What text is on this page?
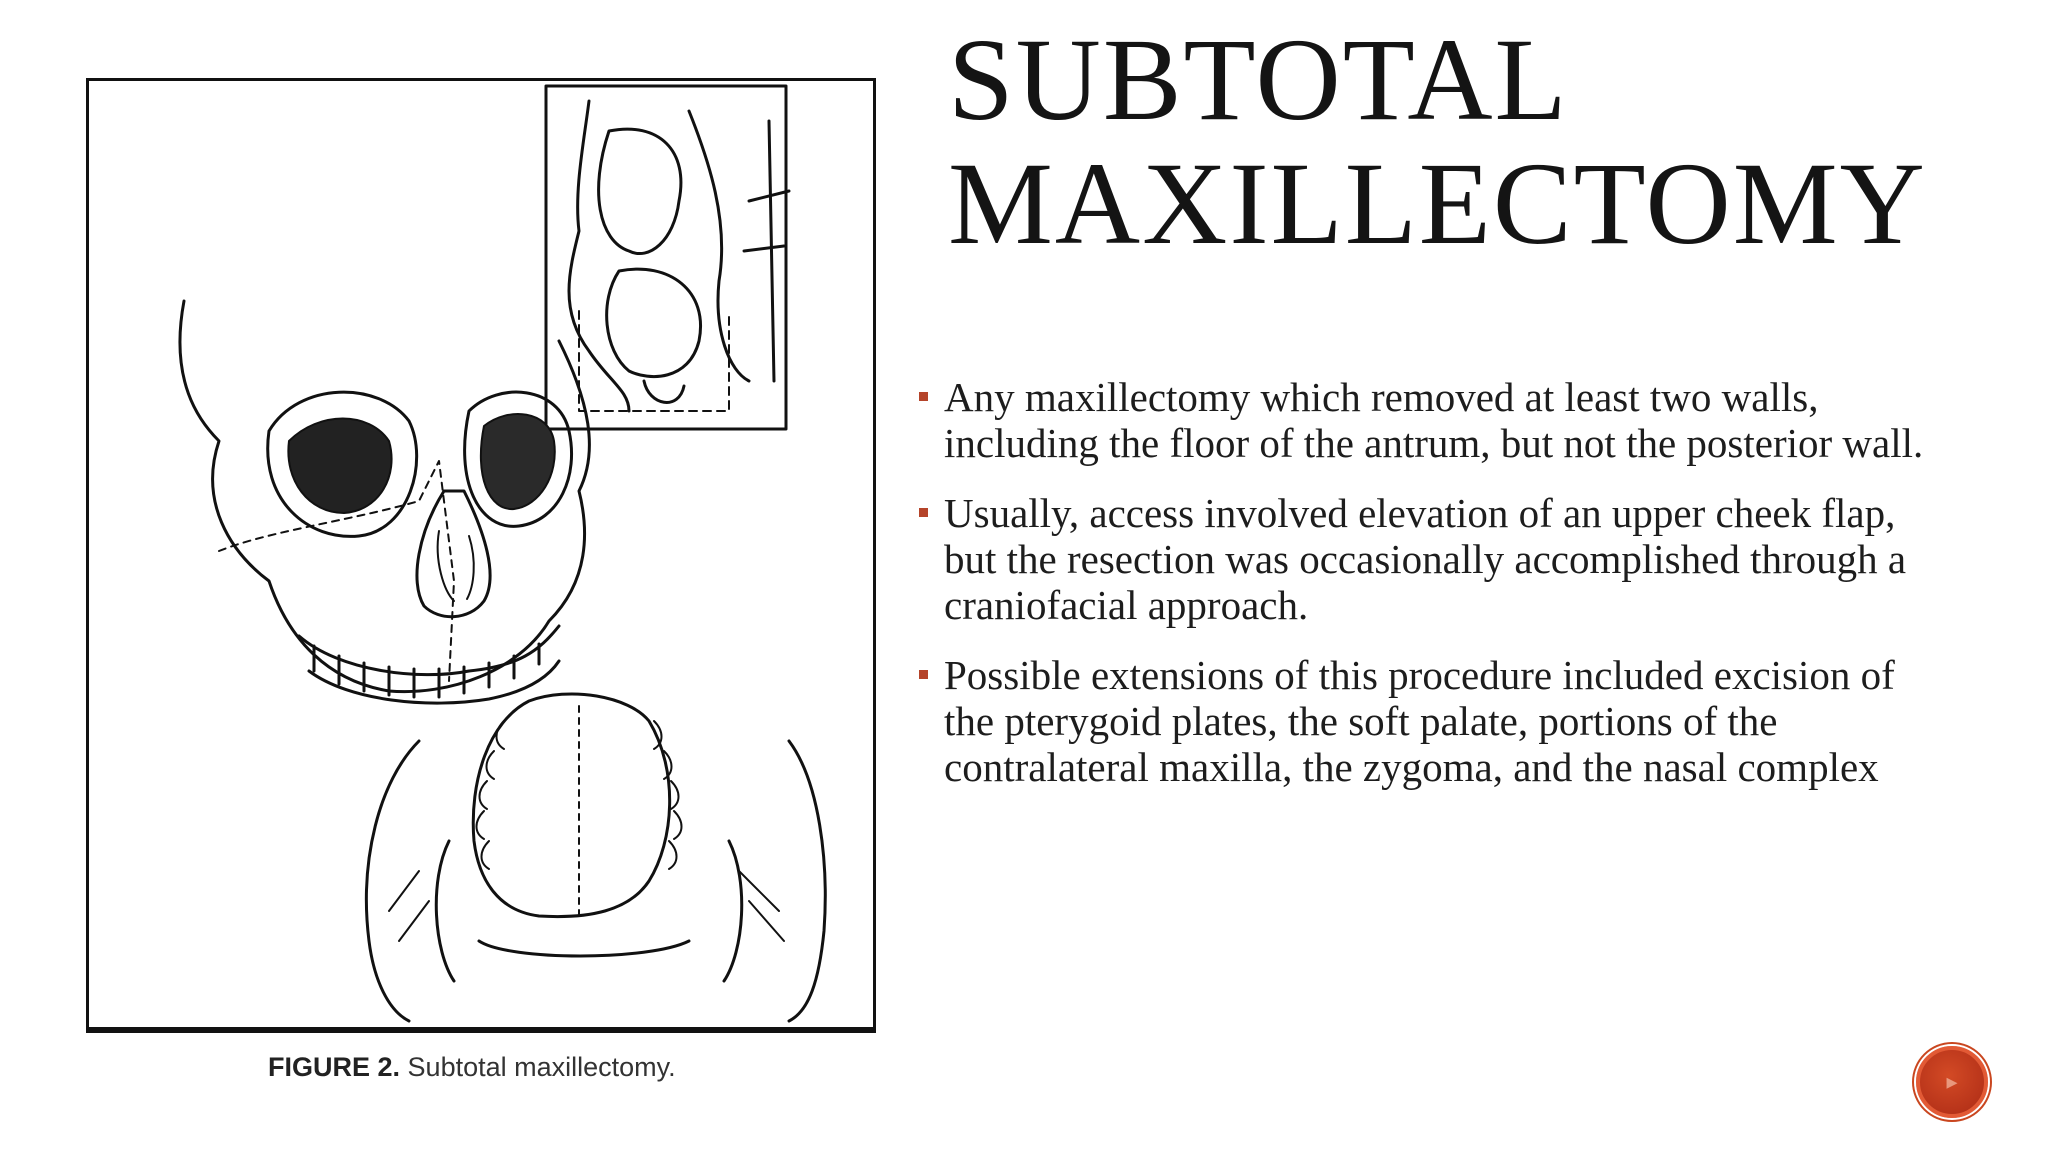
FIGURE 2. Subtotal maxillectomy.
SUBTOTAL MAXILLECTOMY
Any maxillectomy which removed at least two walls, including the floor of the antrum, but not the posterior wall.
Usually, access involved elevation of an upper cheek flap, but the resection was occasionally accomplished through a craniofacial approach.
Possible extensions of this procedure included excision of the pterygoid plates, the soft palate, portions of the contralateral maxilla, the zygoma, and the nasal complex
▸
